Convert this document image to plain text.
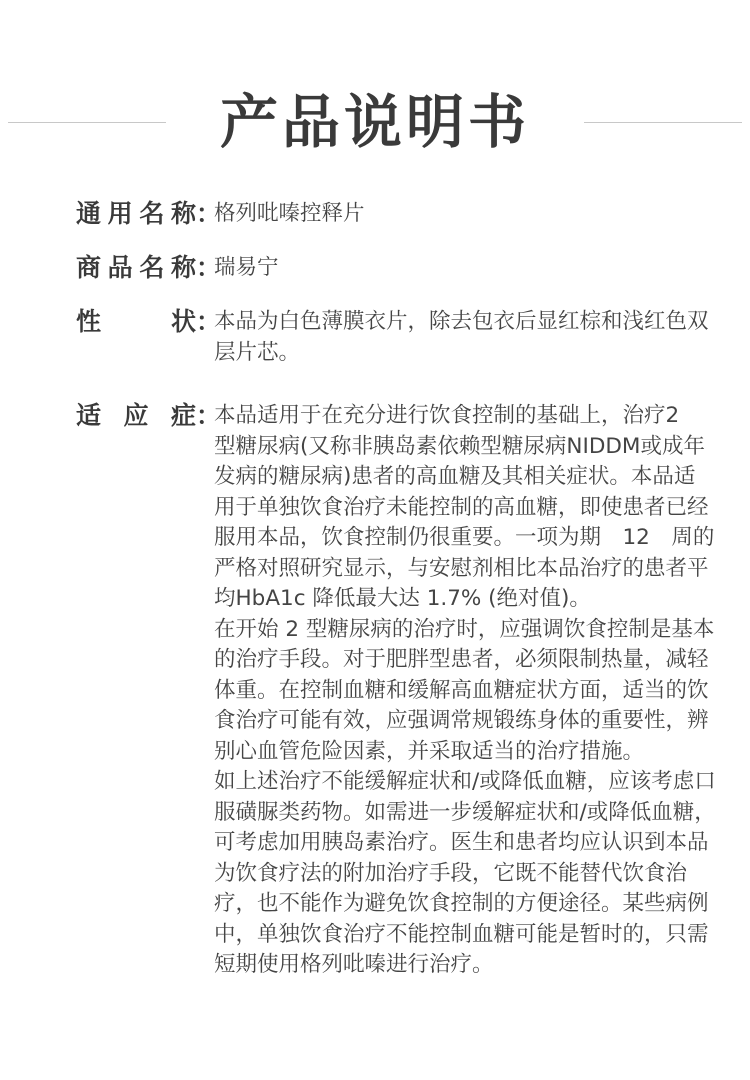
产品说明书
通用名称 ：
格列吡嗪控释片
商品名称 ：
瑞易宁
性　　状 ：
本品为白色薄膜衣片，除去包衣后显红棕和浅红色双层片芯。
适 应 症 ：

本品适用于在充分进行饮食控制的基础上，治疗2　型糖尿病(又称非胰岛素依赖型糖尿病NIDDM或成年发病的糖尿病)患者的高血糖及其相关症状。本品适用于单独饮食治疗未能控制的高血糖，即使患者已经服用本品，饮食控制仍很重要。一项为期　12　周的严格对照研究显示，与安慰剂相比本品治疗的患者平均HbA1c 降低最大达 1.7% (绝对值)。

在开始 2 型糖尿病的治疗时，应强调饮食控制是基本的治疗手段。对于肥胖型患者，必须限制热量，减轻体重。在控制血糖和缓解高血糖症状方面，适当的饮食治疗可能有效，应强调常规锻练身体的重要性，辨别心血管危险因素，并采取适当的治疗措施。

如上述治疗不能缓解症状和/或降低血糖，应该考虑口服磺脲类药物。如需进一步缓解症状和/或降低血糖，可考虑加用胰岛素治疗。医生和患者均应认识到本品为饮食疗法的附加治疗手段，它既不能替代饮食治疗，也不能作为避免饮食控制的方便途径。某些病例中，单独饮食治疗不能控制血糖可能是暂时的，只需短期使用格列吡嗪进行治疗。
